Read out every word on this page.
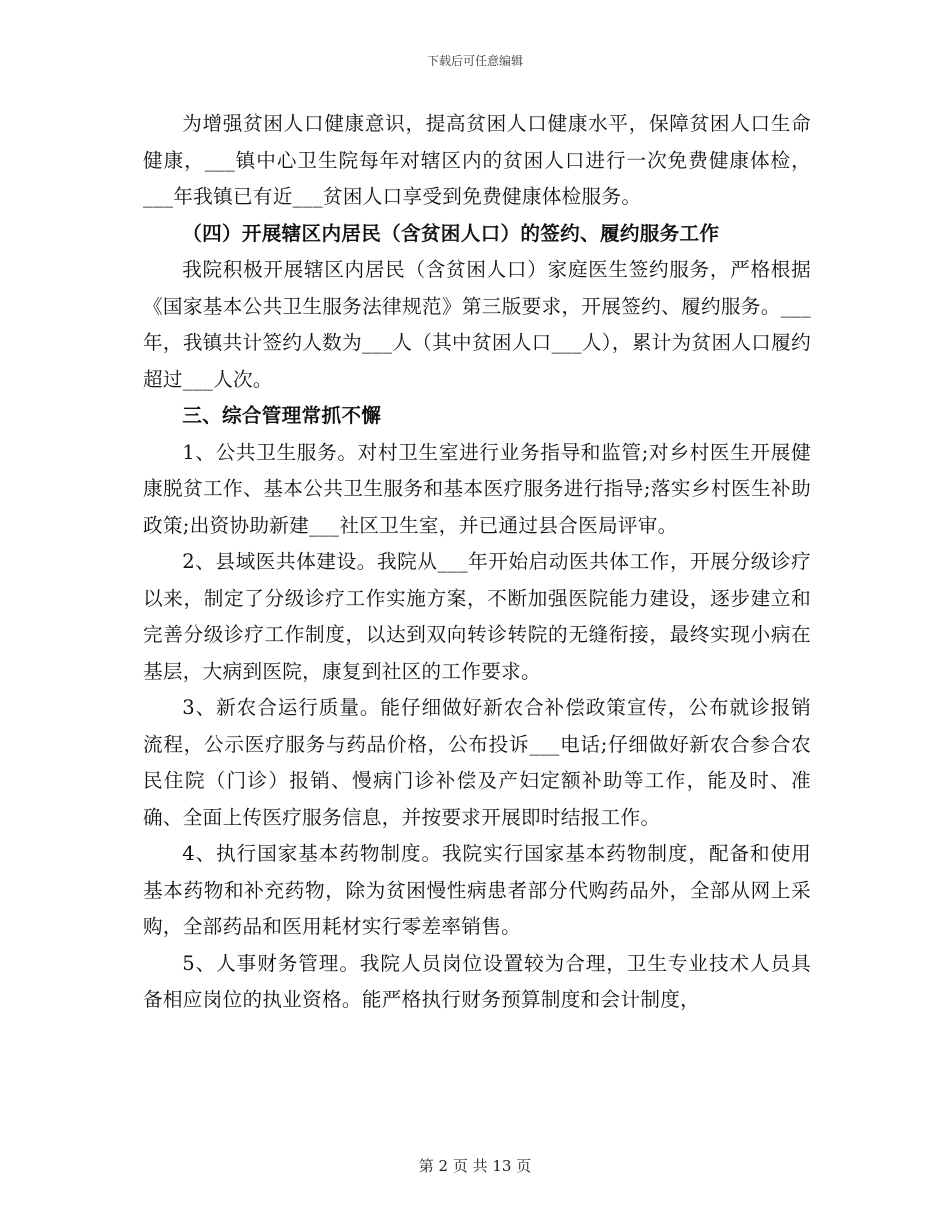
下载后可任意编辑

为增强贫困人口健康意识，提高贫困人口健康水平，保障贫困人口生命健康，___镇中心卫生院每年对辖区内的贫困人口进行一次免费健康体检，___年我镇已有近___贫困人口享受到免费健康体检服务。

（四）开展辖区内居民（含贫困人口）的签约、履约服务工作

我院积极开展辖区内居民（含贫困人口）家庭医生签约服务，严格根据《国家基本公共卫生服务法律规范》第三版要求，开展签约、履约服务。___年，我镇共计签约人数为___人（其中贫困人口___人），累计为贫困人口履约超过___人次。

三、综合管理常抓不懈

1、公共卫生服务。对村卫生室进行业务指导和监管;对乡村医生开展健康脱贫工作、基本公共卫生服务和基本医疗服务进行指导;落实乡村医生补助政策;出资协助新建___社区卫生室，并已通过县合医局评审。

2、县域医共体建设。我院从___年开始启动医共体工作，开展分级诊疗以来，制定了分级诊疗工作实施方案，不断加强医院能力建设，逐步建立和完善分级诊疗工作制度，以达到双向转诊转院的无缝衔接，最终实现小病在基层，大病到医院，康复到社区的工作要求。

3、新农合运行质量。能仔细做好新农合补偿政策宣传，公布就诊报销流程，公示医疗服务与药品价格，公布投诉___电话;仔细做好新农合参合农民住院（门诊）报销、慢病门诊补偿及产妇定额补助等工作，能及时、准确、全面上传医疗服务信息，并按要求开展即时结报工作。

4、执行国家基本药物制度。我院实行国家基本药物制度，配备和使用基本药物和补充药物，除为贫困慢性病患者部分代购药品外，全部从网上采购，全部药品和医用耗材实行零差率销售。

5、人事财务管理。我院人员岗位设置较为合理，卫生专业技术人员具备相应岗位的执业资格。能严格执行财务预算制度和会计制度，

第 2 页 共 13 页
